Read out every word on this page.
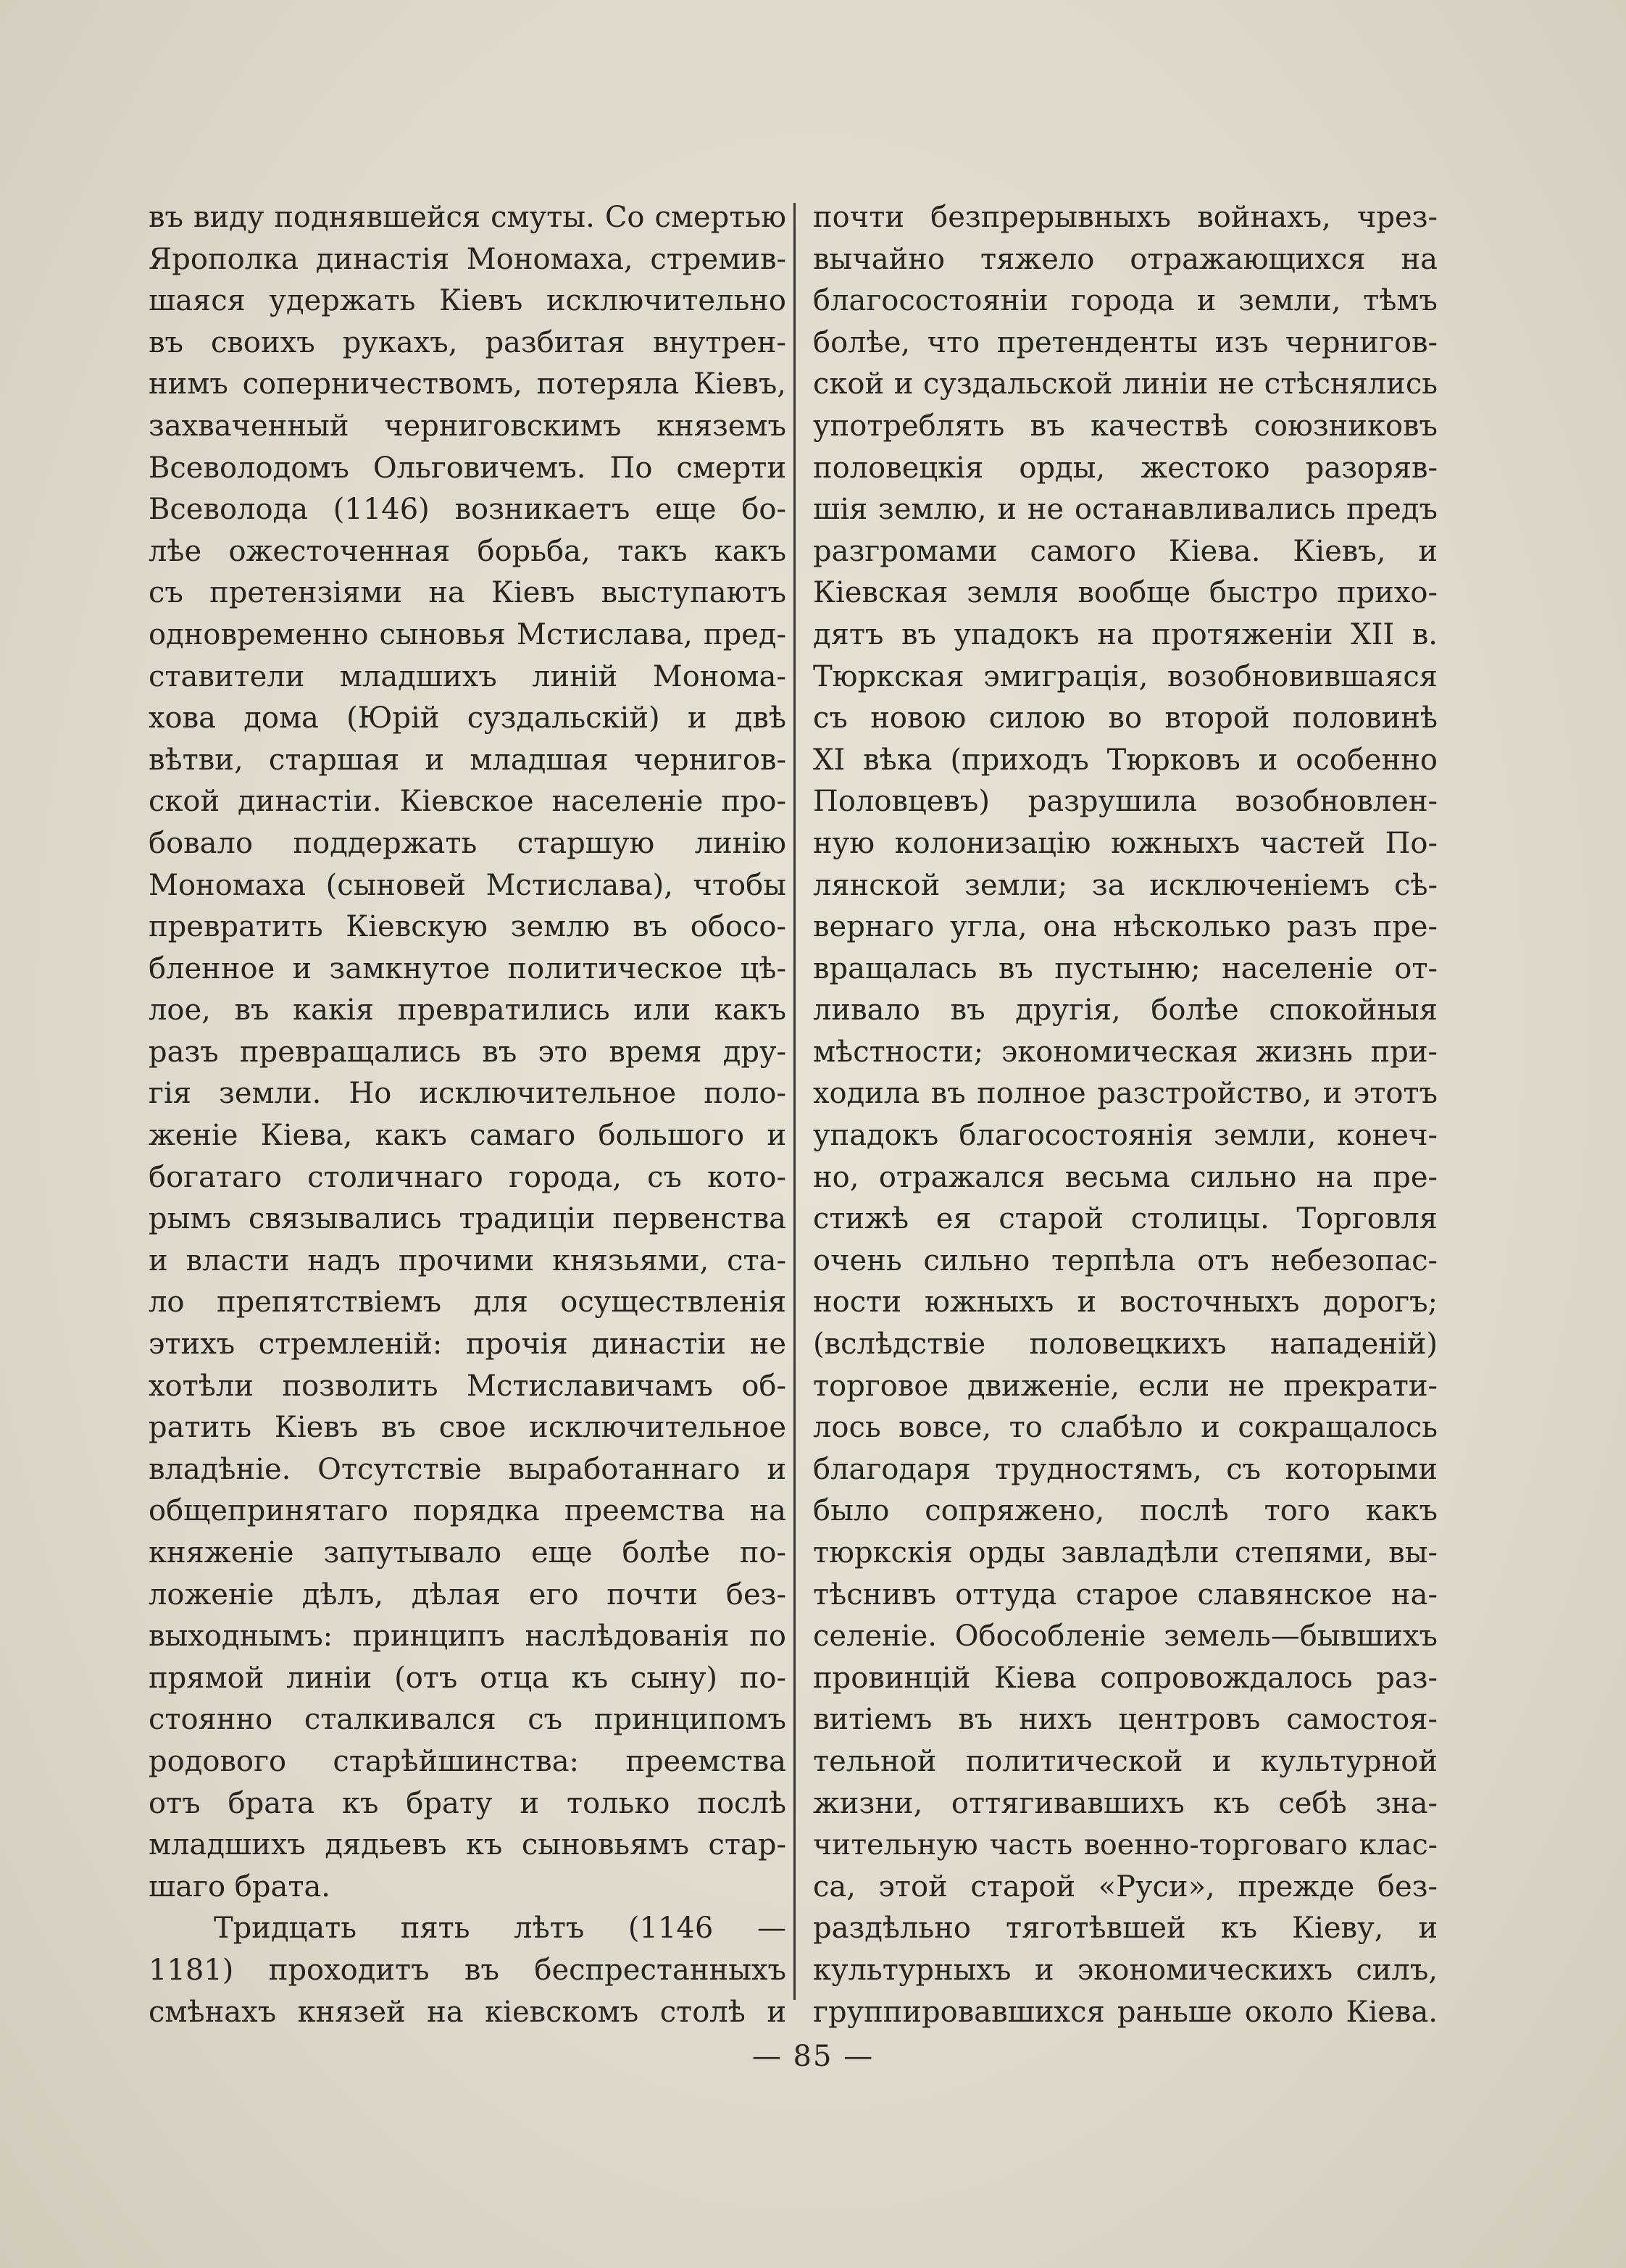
въ виду поднявшейся смуты. Со смертью
Ярополка династія Мономаха, стремив-
шаяся удержать Кіевъ исключительно
въ своихъ рукахъ, разбитая внутрен-
нимъ соперничествомъ, потеряла Кіевъ,
захваченный черниговскимъ княземъ
Всеволодомъ Ольговичемъ. По смерти
Всеволода (1146) возникаетъ еще бо-
лѣе ожесточенная борьба, такъ какъ
съ претензіями на Кіевъ выступаютъ
одновременно сыновья Мстислава, пред-
ставители младшихъ линій Монома-
хова дома (Юрій суздальскій) и двѣ
вѣтви, старшая и младшая чернигов-
ской династіи. Кіевское населеніе про-
бовало поддержать старшую линію
Мономаха (сыновей Мстислава), чтобы
превратить Кіевскую землю въ обосо-
бленное и замкнутое политическое цѣ-
лое, въ какія превратились или какъ
разъ превращались въ это время дру-
гія земли. Но исключительное поло-
женіе Кіева, какъ самаго большого и
богатаго столичнаго города, съ кото-
рымъ связывались традиціи первенства
и власти надъ прочими князьями, ста-
ло препятствіемъ для осуществленія
этихъ стремленій: прочія династіи не
хотѣли позволить Мстиславичамъ об-
ратить Кіевъ въ свое исключительное
владѣніе. Отсутствіе выработаннаго и
общепринятаго порядка преемства на
княженіе запутывало еще болѣе по-
ложеніе дѣлъ, дѣлая его почти без-
выходнымъ: принципъ наслѣдованія по
прямой линіи (отъ отца къ сыну) по-
стоянно сталкивался съ принципомъ
родового старѣйшинства: преемства
отъ брата къ брату и только послѣ
младшихъ дядьевъ къ сыновьямъ стар-
шаго брата.
Тридцать пять лѣтъ (1146 —
1181) проходитъ въ беспрестанныхъ
смѣнахъ князей на кіевскомъ столѣ и
почти безпрерывныхъ войнахъ, чрез-
вычайно тяжело отражающихся на
благосостояніи города и земли, тѣмъ
болѣе, что претенденты изъ чернигов-
ской и суздальской линіи не стѣснялись
употреблять въ качествѣ союзниковъ
половецкія орды, жестоко разоряв-
шія землю, и не останавливались предъ
разгромами самого Кіева. Кіевъ, и
Кіевская земля вообще быстро прихо-
дятъ въ упадокъ на протяженіи XII в.
Тюркская эмиграція, возобновившаяся
съ новою силою во второй половинѣ
XI вѣка (приходъ Тюрковъ и особенно
Половцевъ) разрушила возобновлен-
ную колонизацію южныхъ частей По-
лянской земли; за исключеніемъ сѣ-
вернаго угла, она нѣсколько разъ пре-
вращалась въ пустыню; населеніе от-
ливало въ другія, болѣе спокойныя
мѣстности; экономическая жизнь при-
ходила въ полное разстройство, и этотъ
упадокъ благосостоянія земли, конеч-
но, отражался весьма сильно на пре-
стижѣ ея старой столицы. Торговля
очень сильно терпѣла отъ небезопас-
ности южныхъ и восточныхъ дорогъ;
(вслѣдствіе половецкихъ нападеній)
торговое движеніе, если не прекрати-
лось вовсе, то слабѣло и сокращалось
благодаря трудностямъ, съ которыми
было сопряжено, послѣ того какъ
тюркскія орды завладѣли степями, вы-
тѣснивъ оттуда старое славянское на-
селеніе. Обособленіе земель—бывшихъ
провинцій Кіева сопровождалось раз-
витіемъ въ нихъ центровъ самостоя-
тельной политической и культурной
жизни, оттягивавшихъ къ себѣ зна-
чительную часть военно-торговаго клас-
са, этой старой «Руси», прежде без-
раздѣльно тяготѣвшей къ Кіеву, и
культурныхъ и экономическихъ силъ,
группировавшихся раньше около Кіева.
— 85 —
